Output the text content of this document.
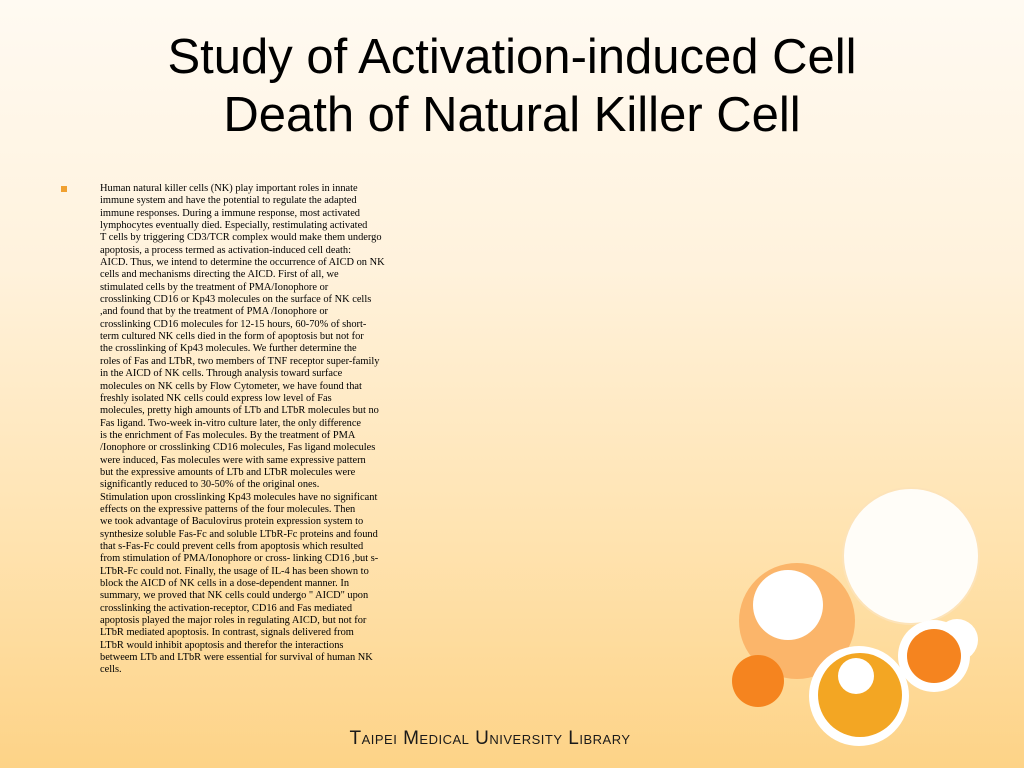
Study of Activation-induced Cell
Death of Natural Killer Cell
Human natural killer cells (NK) play important roles in innate
immune system and have the potential to regulate the adapted
immune responses. During a immune response, most activated
lymphocytes eventually died. Especially, restimulating activated
T cells by triggering CD3/TCR complex would make them undergo
apoptosis, a process termed as activation-induced cell death:
AICD. Thus, we intend to determine the occurrence of AICD on NK
cells and mechanisms directing the AICD. First of all, we
stimulated cells by the treatment of PMA/Ionophore or
crosslinking CD16 or Kp43 molecules on the surface of NK cells
,and found that by the treatment of PMA /Ionophore or
crosslinking CD16 molecules for 12-15 hours, 60-70% of short-
term cultured NK cells died in the form of apoptosis but not for
the crosslinking of Kp43 molecules. We further determine the
roles of Fas and LTbR, two members of TNF receptor super-family
in the AICD of NK cells. Through analysis toward surface
molecules on NK cells by Flow Cytometer, we have found that
freshly isolated NK cells could express low level of Fas
molecules, pretty high amounts of LTb and LTbR molecules but no
Fas ligand. Two-week in-vitro culture later, the only difference
is the enrichment of Fas molecules. By the treatment of PMA
/Ionophore or crosslinking CD16 molecules, Fas ligand molecules
were induced, Fas molecules were with same expressive pattern
but the expressive amounts of LTb and LTbR molecules were
significantly reduced to 30-50% of the original ones.
Stimulation upon crosslinking Kp43 molecules have no significant
effects on the expressive patterns of the four molecules. Then
we took advantage of Baculovirus protein expression system to
synthesize soluble Fas-Fc and soluble LTbR-Fc proteins and found
that s-Fas-Fc could prevent cells from apoptosis which resulted
from stimulation of PMA/Ionophore or cross- linking CD16 ,but s-
LTbR-Fc could not. Finally, the usage of IL-4 has been shown to
block the AICD of NK cells in a dose-dependent manner. In
summary, we proved that NK cells could undergo " AICD" upon
crosslinking the activation-receptor, CD16 and Fas mediated
apoptosis played the major roles in regulating AICD, but not for
LTbR mediated apoptosis. In contrast, signals delivered from
LTbR would inhibit apoptosis and therefor the interactions
betweem LTb and LTbR were essential for survival of human NK
cells.
Taipei Medical University Library
